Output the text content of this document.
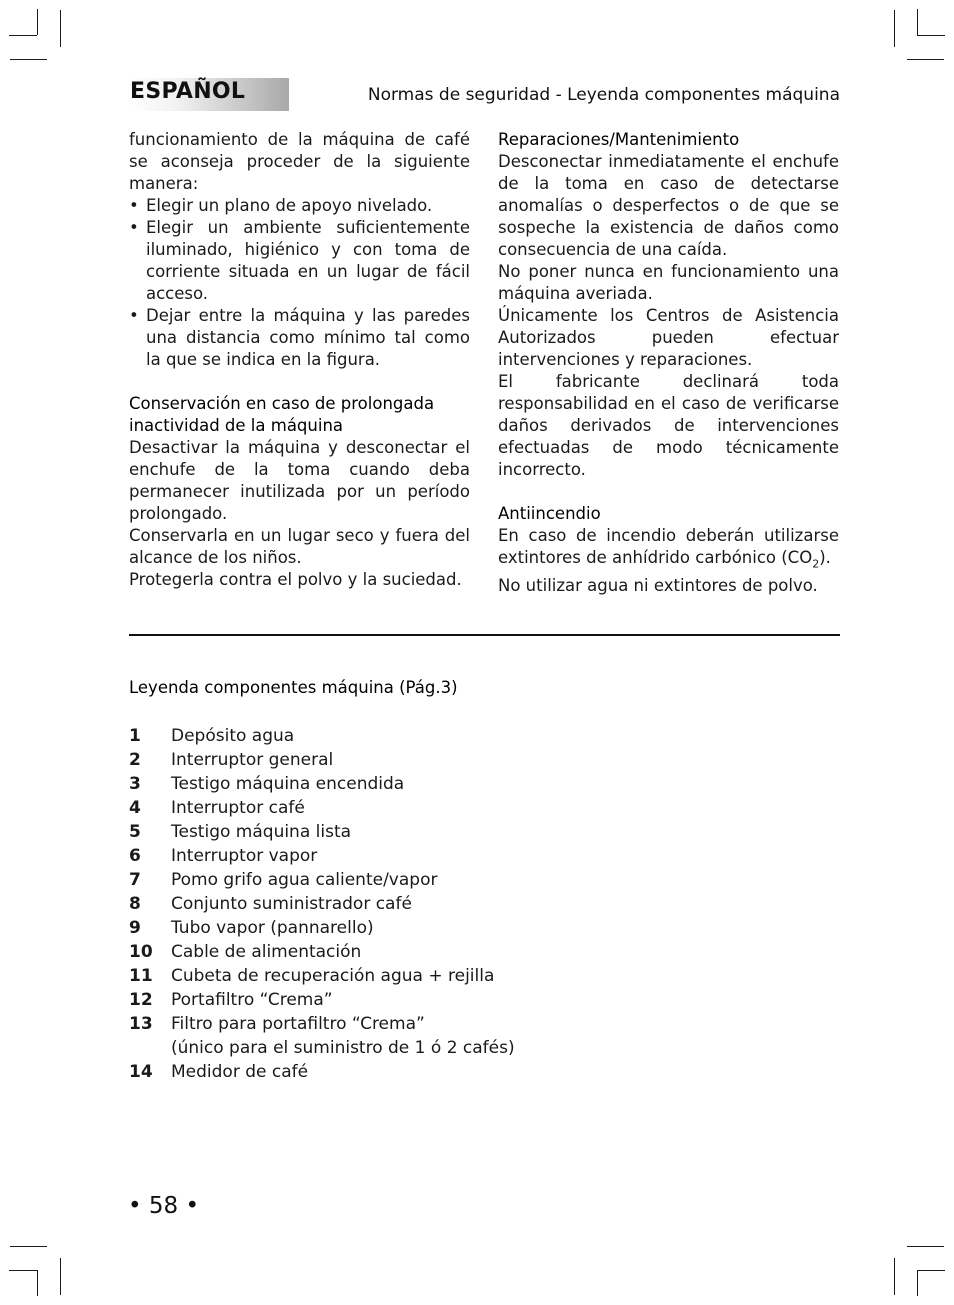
ESPAÑOL	Normas de seguridad - Leyenda componentes máquina

funcionamiento de la máquina de café se aconseja proceder de la siguiente manera:

• Elegir un plano de apoyo nivelado.
• Elegir un ambiente suficientemente iluminado, higiénico y con toma de corriente situada en un lugar de fácil acceso.
• Dejar entre la máquina y las paredes una distancia como mínimo tal como la que se indica en la figura.
Conservación en caso de prolongada inactividad de la máquina

Desactivar la máquina y desconectar el enchufe de la toma cuando deba permanecer inutilizada por un período prolongado.

Conservarla en un lugar seco y fuera del alcance de los niños.

Protegerla contra el polvo y la suciedad.

Reparaciones/Mantenimiento

Desconectar inmediatamente el enchufe de la toma en caso de detectarse anomalías o desperfectos o de que se sospeche la existencia de daños como consecuencia de una caída.

No poner nunca en funcionamiento una máquina averiada.

Únicamente los Centros de Asistencia Autorizados pueden efectuar intervenciones y reparaciones.

El fabricante declinará toda responsabilidad en el caso de verificarse daños derivados de intervenciones efectuadas de modo técnicamente incorrecto.

Antiincendio

En caso de incendio deberán utilizarse extintores de anhídrido carbónico $(CO_2)$.

No utilizar agua ni extintores de polvo.

Leyenda componentes máquina (Pág.3)
1	Depósito agua
2	Interruptor general
3	Testigo máquina encendida
4	Interruptor café
5	Testigo máquina lista
6	Interruptor vapor
7	Pomo grifo agua caliente/vapor
8	Conjunto suministrador café
9	Tubo vapor (pannarello)
10	Cable de alimentación
11	Cubeta de recuperación agua + rejilla
12	Portafiltro “Crema”
13	Filtro para portafiltro “Crema”
(único para el suministro de 1 ó 2 cafés)
14	Medidor de café
• 58 •
